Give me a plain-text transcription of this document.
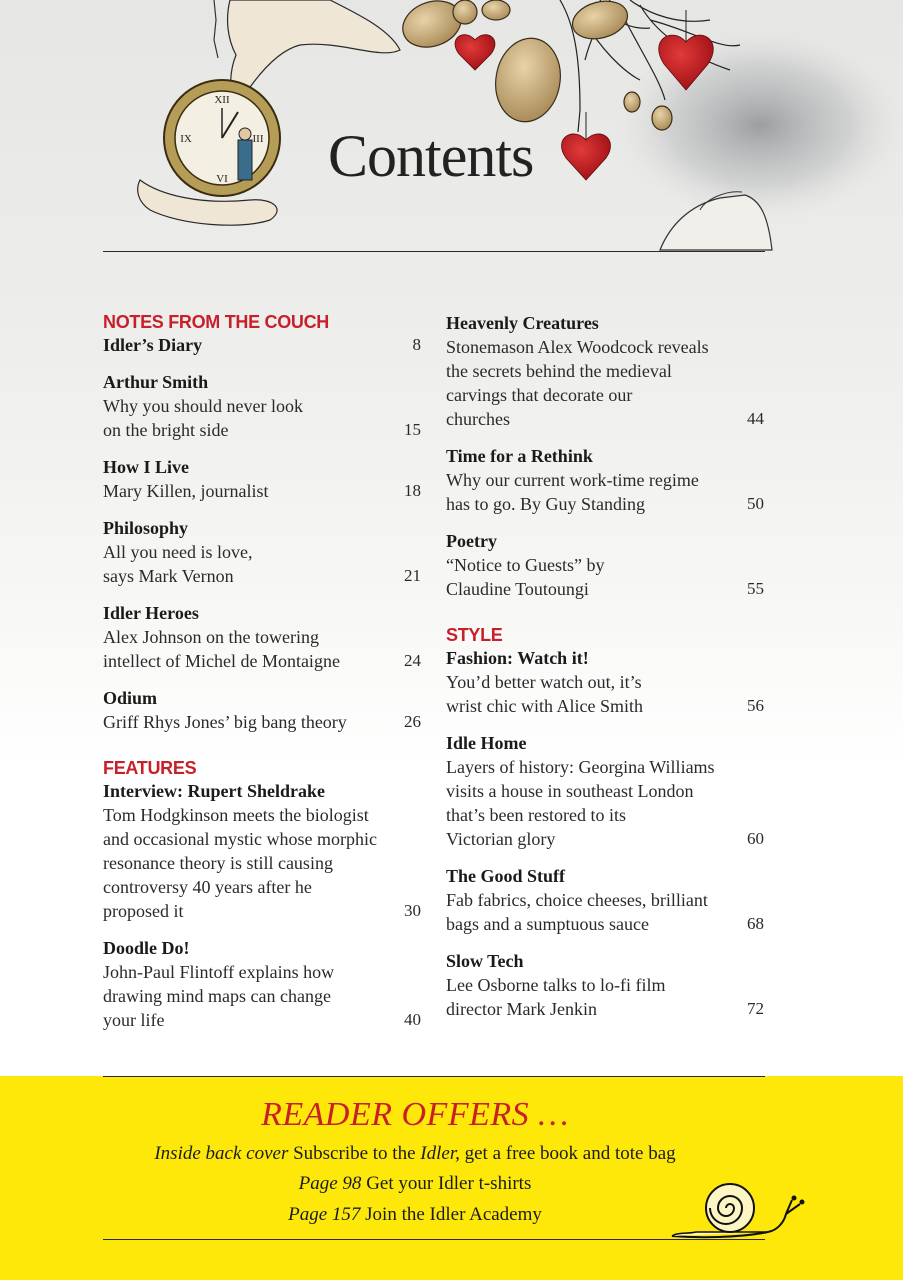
XII
III
VI
IX Contents
NOTES FROM THE COUCH
Idler’s Diary	8
Arthur Smith
Why you should never look
on the bright side	15
How I Live
Mary Killen, journalist	18
Philosophy
All you need is love,
says Mark Vernon	21
Idler Heroes
Alex Johnson on the towering
intellect of Michel de Montaigne	24
Odium
Griff Rhys Jones’ big bang theory	26
FEATURES
Interview: Rupert Sheldrake
Tom Hodgkinson meets the biologist
and occasional mystic whose morphic
resonance theory is still causing
controversy 40 years after he
proposed it	30
Doodle Do!
John-Paul Flintoff explains how
drawing mind maps can change
your life	40
Heavenly Creatures
Stonemason Alex Woodcock reveals
the secrets behind the medieval
carvings that decorate our
churches	44
Time for a Rethink
Why our current work-time regime
has to go. By Guy Standing	50
Poetry
“Notice to Guests” by
Claudine Toutoungi	55
STYLE
Fashion: Watch it!
You’d better watch out, it’s
wrist chic with Alice Smith	56
Idle Home
Layers of history: Georgina Williams
visits a house in southeast London
that’s been restored to its
Victorian glory	60
The Good Stuff
Fab fabrics, choice cheeses, brilliant
bags and a sumptuous sauce	68
Slow Tech
Lee Osborne talks to lo-fi film
director Mark Jenkin	72
READER OFFERS …
Inside back cover Subscribe to the Idler, get a free book and tote bag
Page 98 Get your Idler t-shirts
Page 157 Join the Idler Academy
